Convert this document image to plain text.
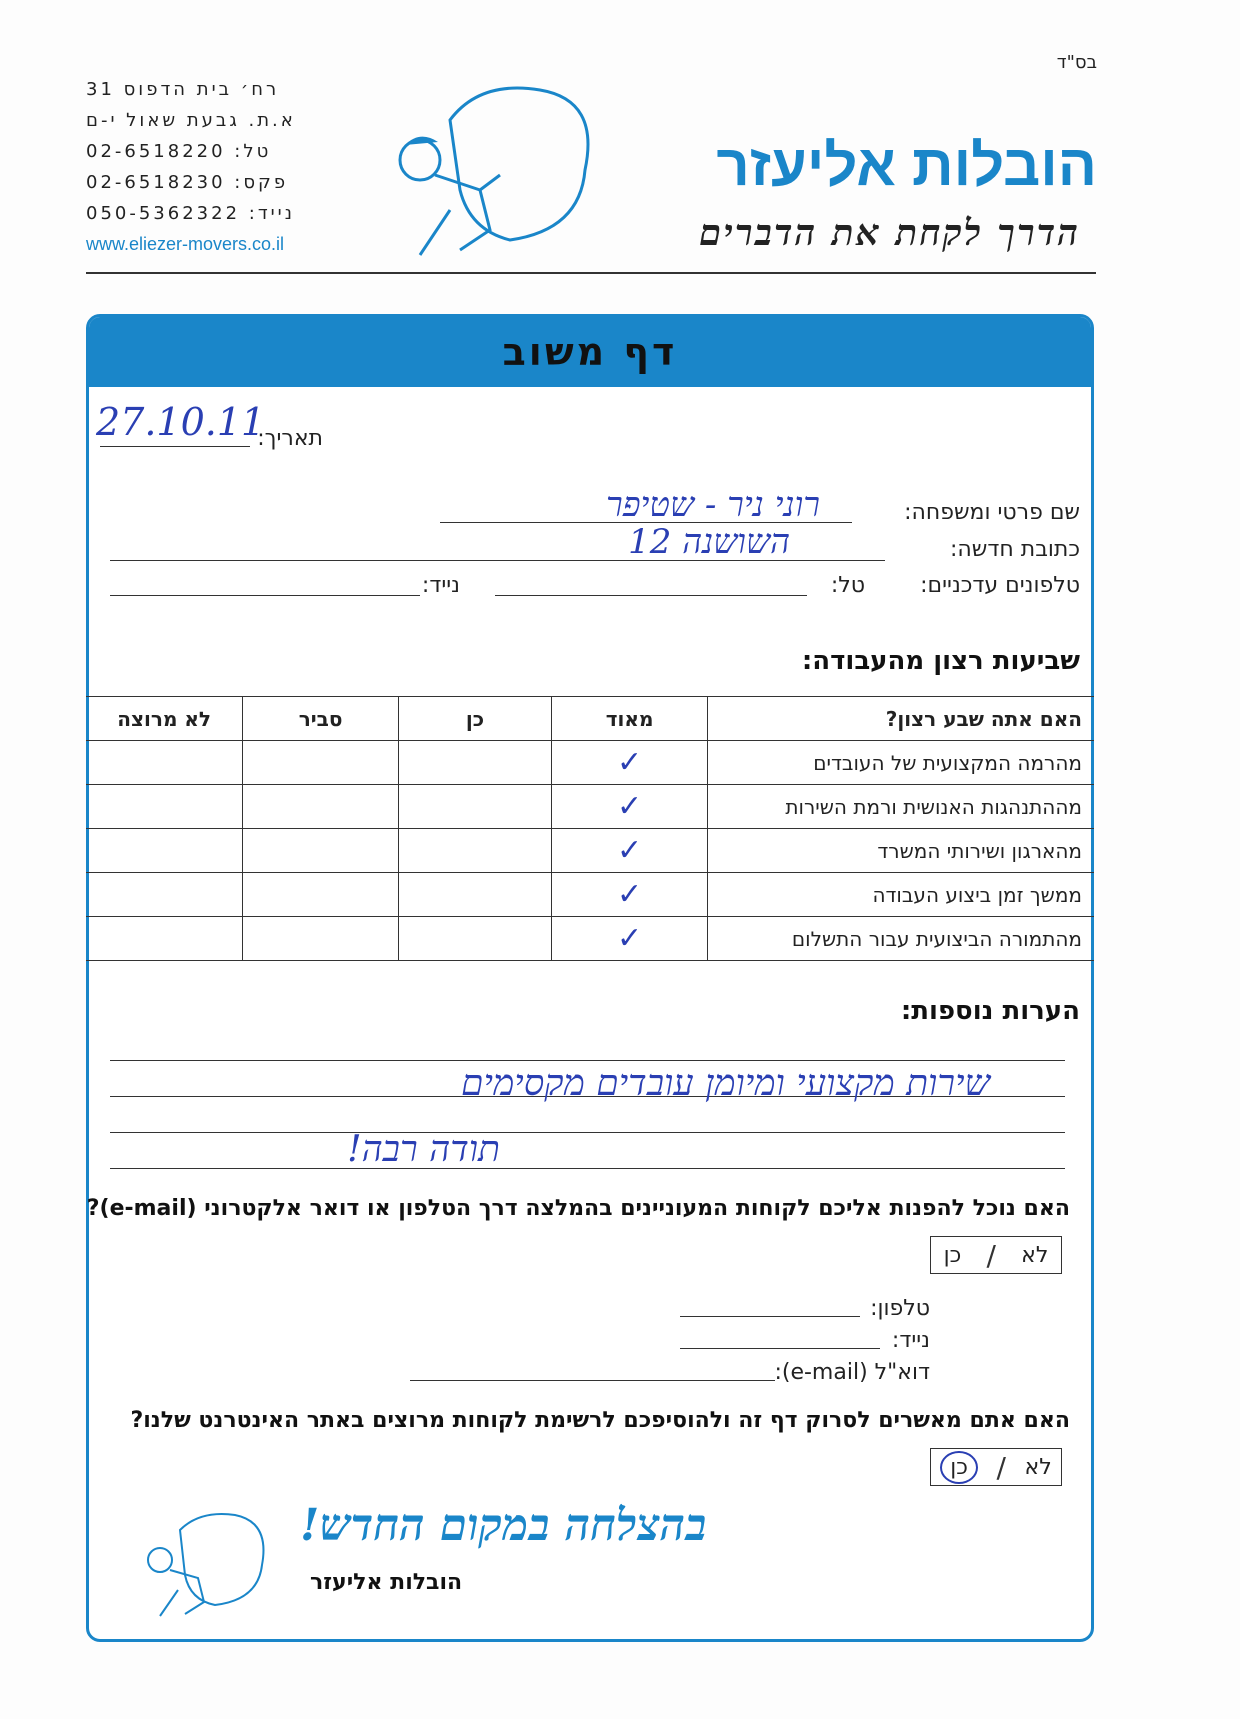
בס"ד
רח׳ בית הדפוס 31
א.ת. גבעת שאול י-ם
טל: 02-6518220
פקס: 02-6518230
נייד: 050-5362322
www.eliezer-movers.co.il
הובלות אליעזר
הדרך לקחת את הדברים
דף משוב
תאריך:
27.10.11
שם פרטי ומשפחה:
רוני ניר - שטיפר
כתובת חדשה:
השושנה 12
טלפונים עדכניים:
טל:
נייד:
שביעות רצון מהעבודה:
האם אתה שבע רצון?	מאוד	כן	סביר	לא מרוצה
מהרמה המקצועית של העובדים	✓			
מההתנהגות האנושית ורמת השירות	✓			
מהארגון ושירותי המשרד	✓			
ממשך זמן ביצוע העבודה	✓			
מהתמורה הביצועית עבור התשלום	✓			
הערות נוספות:
שירות מקצועי ומיומן עובדים מקסימים
תודה רבה!
האם נוכל להפנות אליכם לקוחות המעוניינים בהמלצה דרך הטלפון או דואר אלקטרוני (e-mail)?
כן / לא
טלפון:
נייד:
דוא"ל (e-mail):
האם אתם מאשרים לסרוק דף זה ולהוסיפכם לרשימת לקוחות מרוצים באתר האינטרנט שלנו?
כן	/ לא
בהצלחה במקום החדש!
הובלות אליעזר
